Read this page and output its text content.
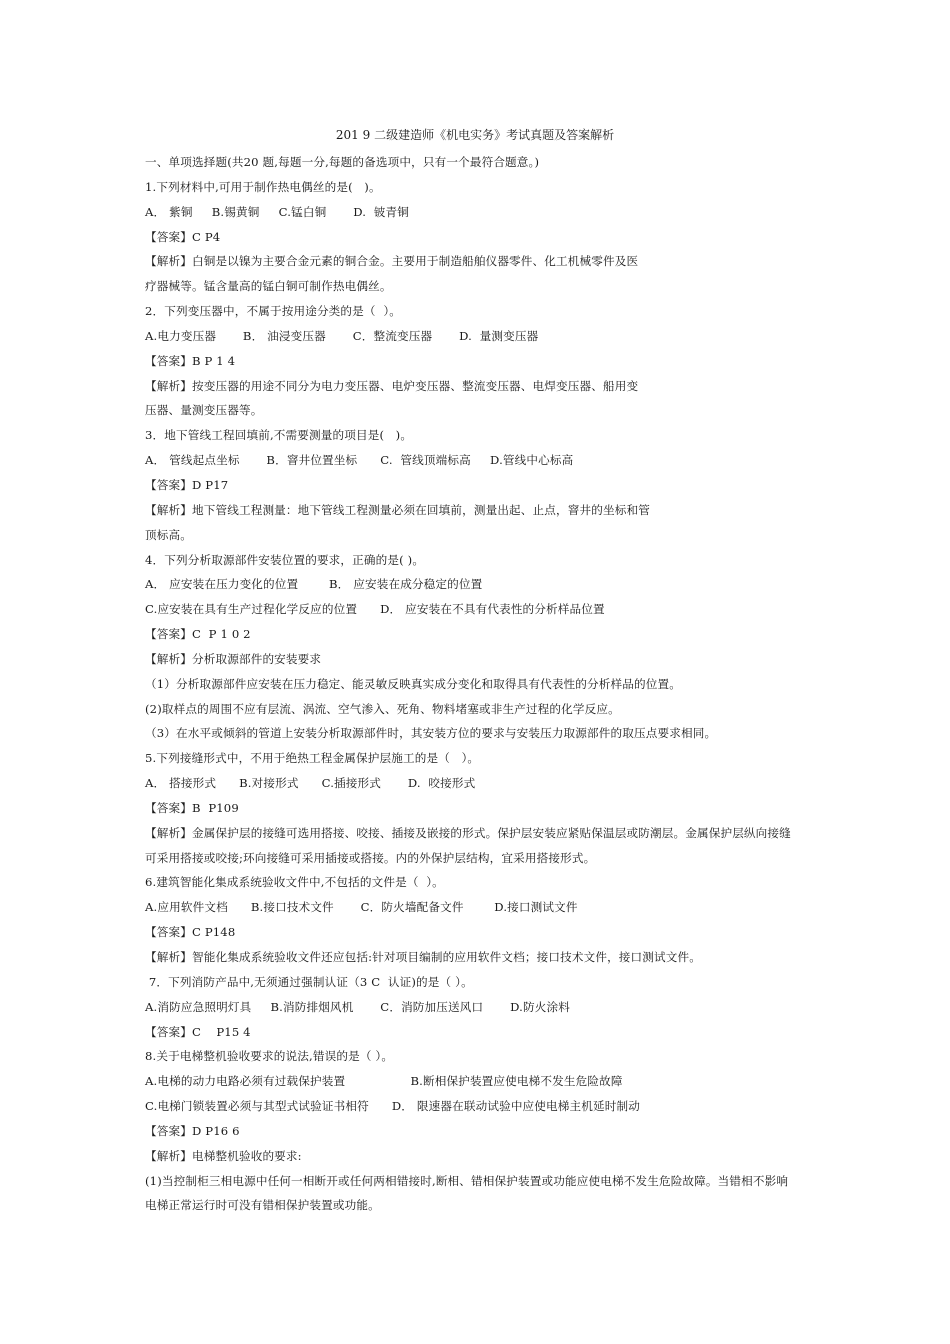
201 9 二级建造师《机电实务》考试真题及答案解析
一、单项选择题(共20 题,每题一分,每题的备选项中，只有一个最符合题意。)
1.下列材料中,可用于制作热电偶丝的是(   )。
A． 紫铜     B.锡黄铜     C.锰白铜       D.  铍青铜
【答案】C P4
【解析】白铜是以镍为主要合金元素的铜合金。主要用于制造船舶仪器零件、化工机械零件及医
疗器械等。锰含量高的锰白铜可制作热电偶丝。
2．下列变压器中，不属于按用途分类的是（  ）。
A.电力变压器       B． 油浸变压器       C．整流变压器       D.  量测变压器
【答案】B P 1 4
【解析】按变压器的用途不同分为电力变压器、电炉变压器、整流变压器、电焊变压器、船用变
压器、量测变压器等。
3．地下管线工程回填前,不需要测量的项目是(   )。
A． 管线起点坐标       B．窨井位置坐标      C.  管线顶端标高     D.管线中心标高
【答案】D P17
【解析】地下管线工程测量：地下管线工程测量必须在回填前，测量出起、止点，窨井的坐标和管
顶标高。
4．下列分析取源部件安装位置的要求，正确的是( )。
A． 应安装在压力变化的位置        B． 应安装在成分稳定的位置
C.应安装在具有生产过程化学反应的位置      D． 应安装在不具有代表性的分析样品位置
【答案】C  P 1 0 2
【解析】分析取源部件的安装要求
（1）分析取源部件应安装在压力稳定、能灵敏反映真实成分变化和取得具有代表性的分析样品的位置。
(2)取样点的周围不应有层流、涡流、空气渗入、死角、物料堵塞或非生产过程的化学反应。
（3）在水平或倾斜的管道上安装分析取源部件时，其安装方位的要求与安装压力取源部件的取压点要求相同。
5.下列接缝形式中，不用于绝热工程金属保护层施工的是（   ）。
A． 搭接形式      B.对接形式      C.插接形式       D.  咬接形式
【答案】B  P109
【解析】金属保护层的接缝可选用搭接、咬接、插接及嵌接的形式。保护层安装应紧贴保温层或防潮层。金属保护层纵向接缝
可采用搭接或咬接;环向接缝可采用插接或搭接。内的外保护层结构，宜采用搭接形式。
6.建筑智能化集成系统验收文件中,不包括的文件是（  ）。
A.应用软件文档      B.接口技术文件       C．防火墙配备文件        D.接口测试文件
【答案】C P148
【解析】智能化集成系统验收文件还应包括:针对项目编制的应用软件文档；接口技术文件，接口测试文件。
7．下列消防产品中,无须通过强制认证（3 C  认证)的是（ ）。
A.消防应急照明灯具     B.消防排烟风机       C．消防加压送风口       D.防火涂料
【答案】C    P15 4
8.关于电梯整机验收要求的说法,错误的是（ ）。
A.电梯的动力电路必须有过载保护装置                 B.断相保护装置应使电梯不发生危险故障
C.电梯门锁装置必须与其型式试验证书相符      D． 限速器在联动试验中应使电梯主机延时制动
【答案】D P16 6
【解析】电梯整机验收的要求:
(1)当控制柜三相电源中任何一相断开或任何两相错接时,断相、错相保护装置或功能应使电梯不发生危险故障。当错相不影响
电梯正常运行时可没有错相保护装置或功能。
